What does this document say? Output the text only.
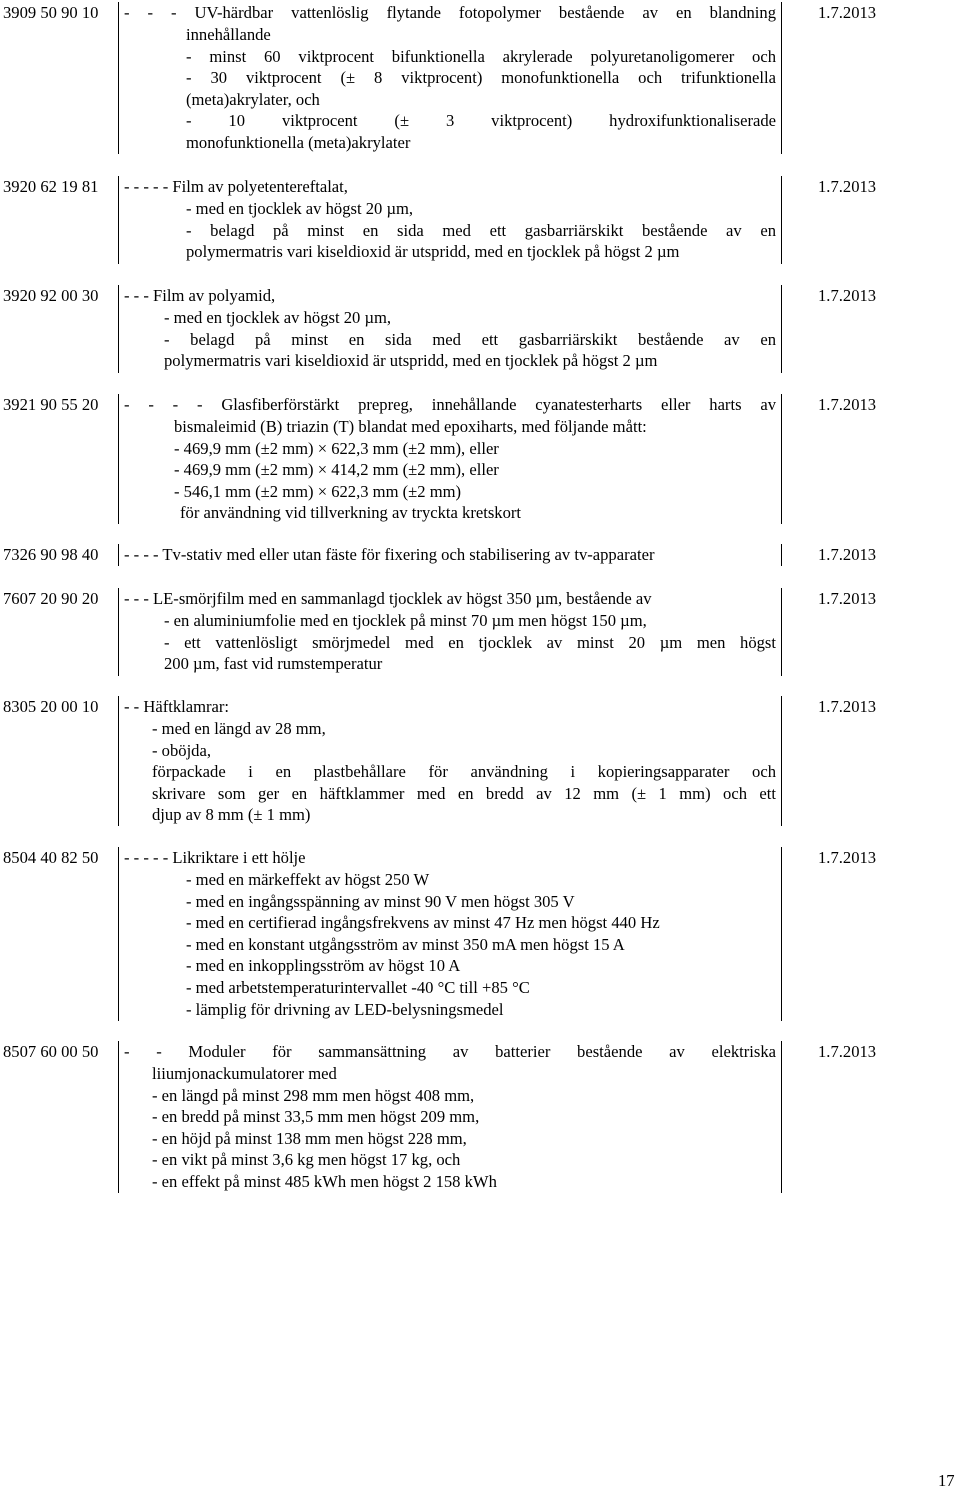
3909 50 90 10 - - - UV-härdbar vattenlöslig flytande fotopolymer bestående av en blandning

innehållande

- minst 60 viktprocent bifunktionella akrylerade polyuretanoligomerer och

- 30 viktprocent (± 8 viktprocent) monofunktionella och trifunktionella

(meta)akrylater, och

- 10 viktprocent (± 3 viktprocent) hydroxifunktionaliserade

monofunktionella (meta)akrylater

1.7.2013
3920 62 19 81 - - - - - Film av polyetentereftalat,

- med en tjocklek av högst 20 µm,

- belagd på minst en sida med ett gasbarriärskikt bestående av en

polymermatris vari kiseldioxid är utspridd, med en tjocklek på högst 2 µm

1.7.2013
3920 92 00 30 - - - Film av polyamid,

- med en tjocklek av högst 20 µm,

- belagd på minst en sida med ett gasbarriärskikt bestående av en

polymermatris vari kiseldioxid är utspridd, med en tjocklek på högst 2 µm

1.7.2013
3921 90 55 20 - - - - Glasfiberförstärkt prepreg, innehållande cyanatesterharts eller harts av

bismaleimid (B) triazin (T) blandat med epoxiharts, med följande mått:

- 469,9 mm (±2 mm) × 622,3 mm (±2 mm), eller

- 469,9 mm (±2 mm) × 414,2 mm (±2 mm), eller

- 546,1 mm (±2 mm) × 622,3 mm (±2 mm)

för användning vid tillverkning av tryckta kretskort

1.7.2013
7326 90 98 40 - - - - Tv-stativ med eller utan fäste för fixering och stabilisering av tv-apparater	1.7.2013
7607 20 90 20 - - - LE-smörjfilm med en sammanlagd tjocklek av högst 350 µm, bestående av

- en aluminiumfolie med en tjocklek på minst 70 µm men högst 150 µm,

- ett vattenlösligt smörjmedel med en tjocklek av minst 20 µm men högst

200 µm, fast vid rumstemperatur

1.7.2013
8305 20 00 10 - - Häftklamrar:

- med en längd av 28 mm,

- oböjda,

förpackade i en plastbehållare för användning i kopieringsapparater och

skrivare som ger en häftklammer med en bredd av 12 mm (± 1 mm) och ett

djup av 8 mm (± 1 mm)

1.7.2013
8504 40 82 50 - - - - - Likriktare i ett hölje

- med en märkeffekt av högst 250 W

- med en ingångsspänning av minst 90 V men högst 305 V

- med en certifierad ingångsfrekvens av minst 47 Hz men högst 440 Hz

- med en konstant utgångsström av minst 350 mA men högst 15 A

- med en inkopplingsström av högst 10 A

- med arbetstemperaturintervallet -40 °C till +85 °C

- lämplig för drivning av LED-belysningsmedel

1.7.2013
8507 60 00 50 - - Moduler för sammansättning av batterier bestående av elektriska

liiumjonackumulatorer med

- en längd på minst 298 mm men högst 408 mm,

- en bredd på minst 33,5 mm men högst 209 mm,

- en höjd på minst 138 mm men högst 228 mm,

- en vikt på minst 3,6 kg men högst 17 kg, och

- en effekt på minst 485 kWh men högst 2 158 kWh

1.7.2013
17
